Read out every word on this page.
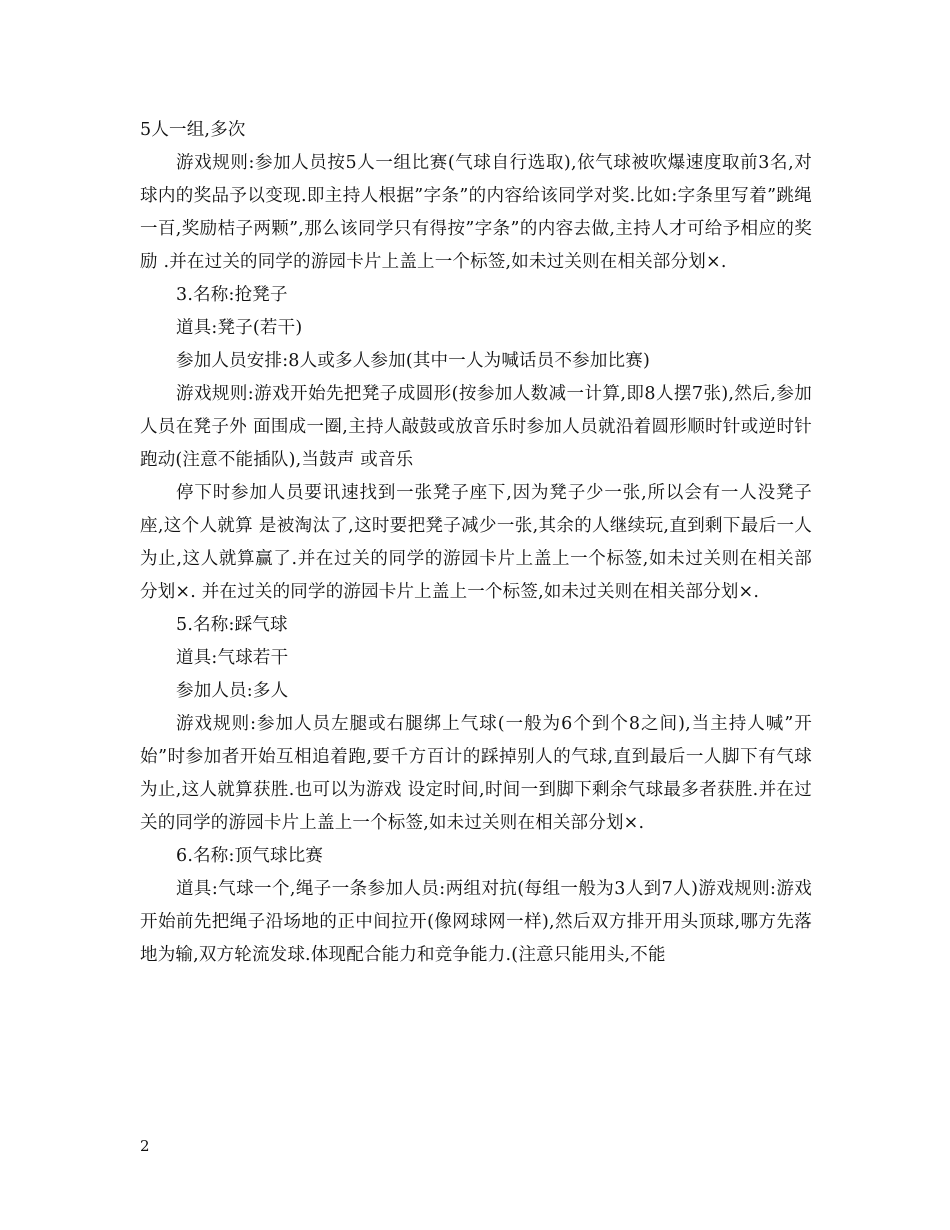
5人一组,多次

游戏规则:参加人员按5人一组比赛(气球自行选取),依气球被吹爆速度取前3名,对球内的奖品予以变现.即主持人根据”字条”的内容给该同学对奖.比如:字条里写着”跳绳一百,奖励桔子两颗”,那么该同学只有得按”字条”的内容去做,主持人才可给予相应的奖励 .并在过关的同学的游园卡片上盖上一个标签,如未过关则在相关部分划×.

3.名称:抢凳子

道具:凳子(若干)

参加人员安排:8人或多人参加(其中一人为喊话员不参加比赛)

游戏规则:游戏开始先把凳子成圆形(按参加人数减一计算,即8人摆7张),然后,参加人员在凳子外 面围成一圈,主持人敲鼓或放音乐时参加人员就沿着圆形顺时针或逆时针跑动(注意不能插队),当鼓声 或音乐

停下时参加人员要讯速找到一张凳子座下,因为凳子少一张,所以会有一人没凳子座,这个人就算 是被淘汰了,这时要把凳子减少一张,其余的人继续玩,直到剩下最后一人为止,这人就算赢了.并在过关的同学的游园卡片上盖上一个标签,如未过关则在相关部分划×. 并在过关的同学的游园卡片上盖上一个标签,如未过关则在相关部分划×.

5.名称:踩气球

道具:气球若干

参加人员:多人

游戏规则:参加人员左腿或右腿绑上气球(一般为6个到个8之间),当主持人喊”开始”时参加者开始互相追着跑,要千方百计的踩掉别人的气球,直到最后一人脚下有气球为止,这人就算获胜.也可以为游戏 设定时间,时间一到脚下剩余气球最多者获胜.并在过关的同学的游园卡片上盖上一个标签,如未过关则在相关部分划×.

6.名称:顶气球比赛

道具:气球一个,绳子一条参加人员:两组对抗(每组一般为3人到7人)游戏规则:游戏开始前先把绳子沿场地的正中间拉开(像网球网一样),然后双方排开用头顶球,哪方先落地为输,双方轮流发球.体现配合能力和竞争能力.(注意只能用头,不能

2
